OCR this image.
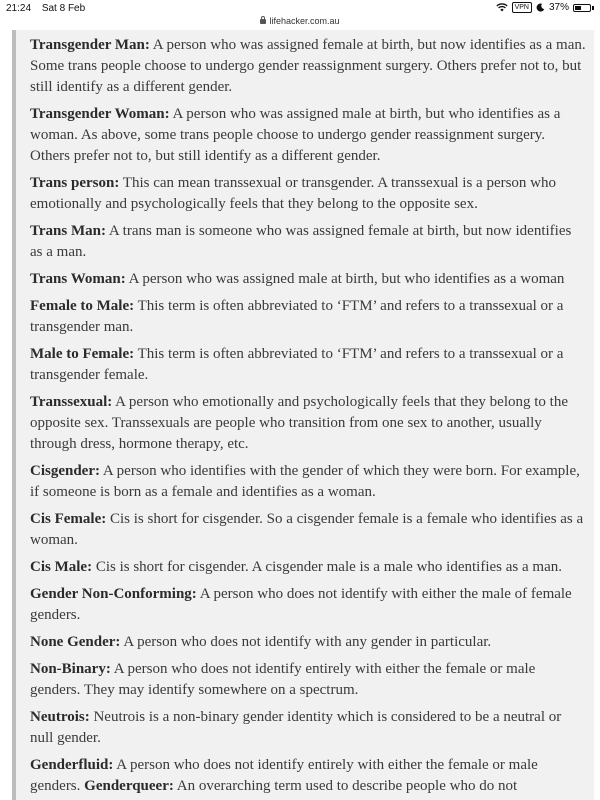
21:24 Sat 8 Feb	VPN	37%
lifehacker.com.au

Transgender Man: A person who was assigned female at birth, but now identifies as a man. Some trans people choose to undergo gender reassignment surgery. Others prefer not to, but still identify as a different gender.

Transgender Woman: A person who was assigned male at birth, but who identifies as a woman. As above, some trans people choose to undergo gender reassignment surgery. Others prefer not to, but still identify as a different gender.

Trans person: This can mean transsexual or transgender. A transsexual is a person who emotionally and psychologically feels that they belong to the opposite sex.

Trans Man: A trans man is someone who was assigned female at birth, but now identifies as a man.

Trans Woman: A person who was assigned male at birth, but who identifies as a woman

Female to Male: This term is often abbreviated to ‘FTM’ and refers to a transsexual or a transgender man.

Male to Female: This term is often abbreviated to ‘FTM’ and refers to a transsexual or a transgender female.

Transsexual: A person who emotionally and psychologically feels that they belong to the opposite sex. Transsexuals are people who transition from one sex to another, usually through dress, hormone therapy, etc.

Cisgender: A person who identifies with the gender of which they were born. For example, if someone is born as a female and identifies as a woman.

Cis Female: Cis is short for cisgender. So a cisgender female is a female who identifies as a woman.

Cis Male: Cis is short for cisgender. A cisgender male is a male who identifies as a man.

Gender Non-Conforming: A person who does not identify with either the male of female genders.

None Gender: A person who does not identify with any gender in particular.

Non-Binary: A person who does not identify entirely with either the female or male genders. They may identify somewhere on a spectrum.

Neutrois: Neutrois is a non-binary gender identity which is considered to be a neutral or null gender.

Genderfluid: A person who does not identify entirely with either the female or male genders. Genderqueer: An overarching term used to describe people who do not
